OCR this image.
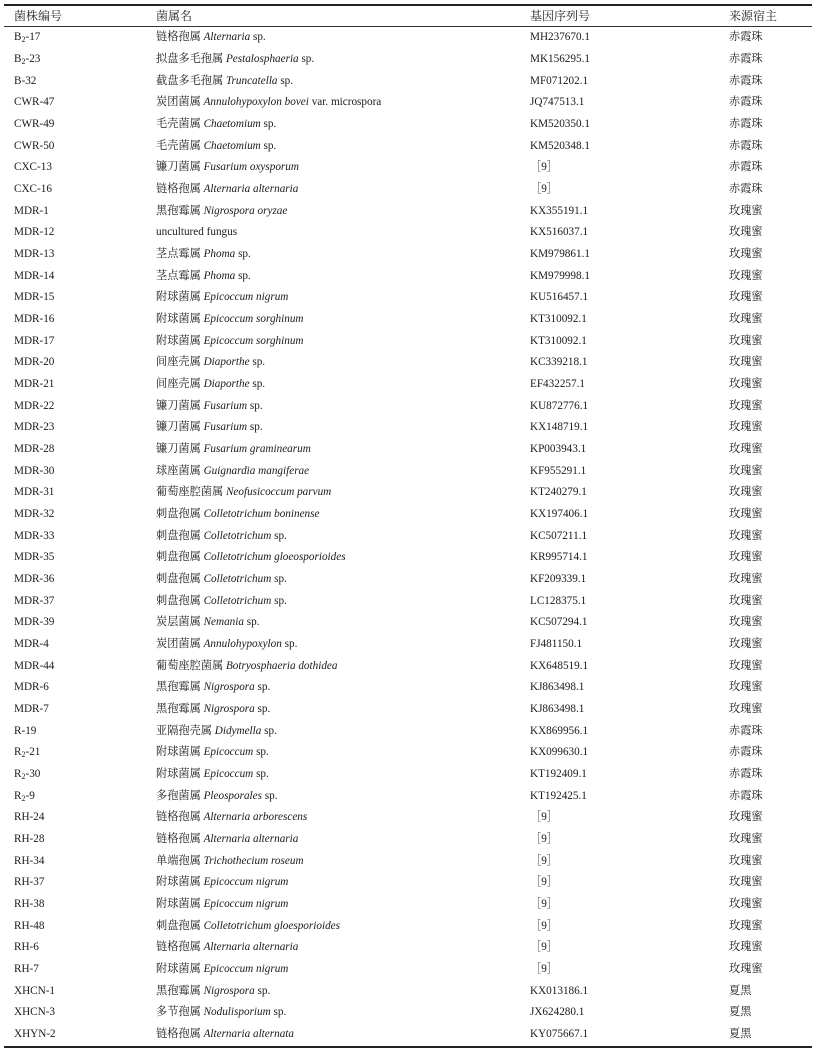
菌株编号	菌属名	基因序列号	来源宿主
$B_2-17$	链格孢属 Alternaria sp.	MH237670.1	赤霞珠
$B_2-23$	拟盘多毛孢属 Pestalosphaeria sp.	MK156295.1	赤霞珠
B-32	截盘多毛孢属 Truncatella sp.	MF071202.1	赤霞珠
CWR-47	炭团菌属 Annulohypoxylon bovei var. microspora	JQ747513.1	赤霞珠
CWR-49	毛壳菌属 Chaetomium sp.	KM520350.1	赤霞珠
CWR-50	毛壳菌属 Chaetomium sp.	KM520348.1	赤霞珠
CXC-13	镰刀菌属 Fusarium oxysporum	［9］	赤霞珠
CXC-16	链格孢属 Alternaria alternaria	［9］	赤霞珠
MDR-1	黑孢霉属 Nigrospora oryzae	KX355191.1	玫瑰蜜
MDR-12	uncultured fungus	KX516037.1	玫瑰蜜
MDR-13	茎点霉属 Phoma sp.	KM979861.1	玫瑰蜜
MDR-14	茎点霉属 Phoma sp.	KM979998.1	玫瑰蜜
MDR-15	附球菌属 Epicoccum nigrum	KU516457.1	玫瑰蜜
MDR-16	附球菌属 Epicoccum sorghinum	KT310092.1	玫瑰蜜
MDR-17	附球菌属 Epicoccum sorghinum	KT310092.1	玫瑰蜜
MDR-20	间座壳属 Diaporthe sp.	KC339218.1	玫瑰蜜
MDR-21	间座壳属 Diaporthe sp.	EF432257.1	玫瑰蜜
MDR-22	镰刀菌属 Fusarium sp.	KU872776.1	玫瑰蜜
MDR-23	镰刀菌属 Fusarium sp.	KX148719.1	玫瑰蜜
MDR-28	镰刀菌属 Fusarium graminearum	KP003943.1	玫瑰蜜
MDR-30	球座菌属 Guignardia mangiferae	KF955291.1	玫瑰蜜
MDR-31	葡萄座腔菌属 Neofusicoccum parvum	KT240279.1	玫瑰蜜
MDR-32	刺盘孢属 Colletotrichum boninense	KX197406.1	玫瑰蜜
MDR-33	刺盘孢属 Colletotrichum sp.	KC507211.1	玫瑰蜜
MDR-35	刺盘孢属 Colletotrichum gloeosporioides	KR995714.1	玫瑰蜜
MDR-36	刺盘孢属 Colletotrichum sp.	KF209339.1	玫瑰蜜
MDR-37	刺盘孢属 Colletotrichum sp.	LC128375.1	玫瑰蜜
MDR-39	炭层菌属 Nemania sp.	KC507294.1	玫瑰蜜
MDR-4	炭团菌属 Annulohypoxylon sp.	FJ481150.1	玫瑰蜜
MDR-44	葡萄座腔菌属 Botryosphaeria dothidea	KX648519.1	玫瑰蜜
MDR-6	黑孢霉属 Nigrospora sp.	KJ863498.1	玫瑰蜜
MDR-7	黑孢霉属 Nigrospora sp.	KJ863498.1	玫瑰蜜
R-19	亚隔孢壳属 Didymella sp.	KX869956.1	赤霞珠
$R_2-21$	附球菌属 Epicoccum sp.	KX099630.1	赤霞珠
$R_2-30$	附球菌属 Epicoccum sp.	KT192409.1	赤霞珠
$R_2-9$	多孢菌属 Pleosporales sp.	KT192425.1	赤霞珠
RH-24	链格孢属 Alternaria arborescens	［9］	玫瑰蜜
RH-28	链格孢属 Alternaria alternaria	［9］	玫瑰蜜
RH-34	单端孢属 Trichothecium roseum	［9］	玫瑰蜜
RH-37	附球菌属 Epicoccum nigrum	［9］	玫瑰蜜
RH-38	附球菌属 Epicoccum nigrum	［9］	玫瑰蜜
RH-48	刺盘孢属 Colletotrichum gloesporioides	［9］	玫瑰蜜
RH-6	链格孢属 Alternaria alternaria	［9］	玫瑰蜜
RH-7	附球菌属 Epicoccum nigrum	［9］	玫瑰蜜
XHCN-1	黑孢霉属 Nigrospora sp.	KX013186.1	夏黑
XHCN-3	多节孢属 Nodulisporium sp.	JX624280.1	夏黑
XHYN-2	链格孢属 Alternaria alternata	KY075667.1	夏黑
